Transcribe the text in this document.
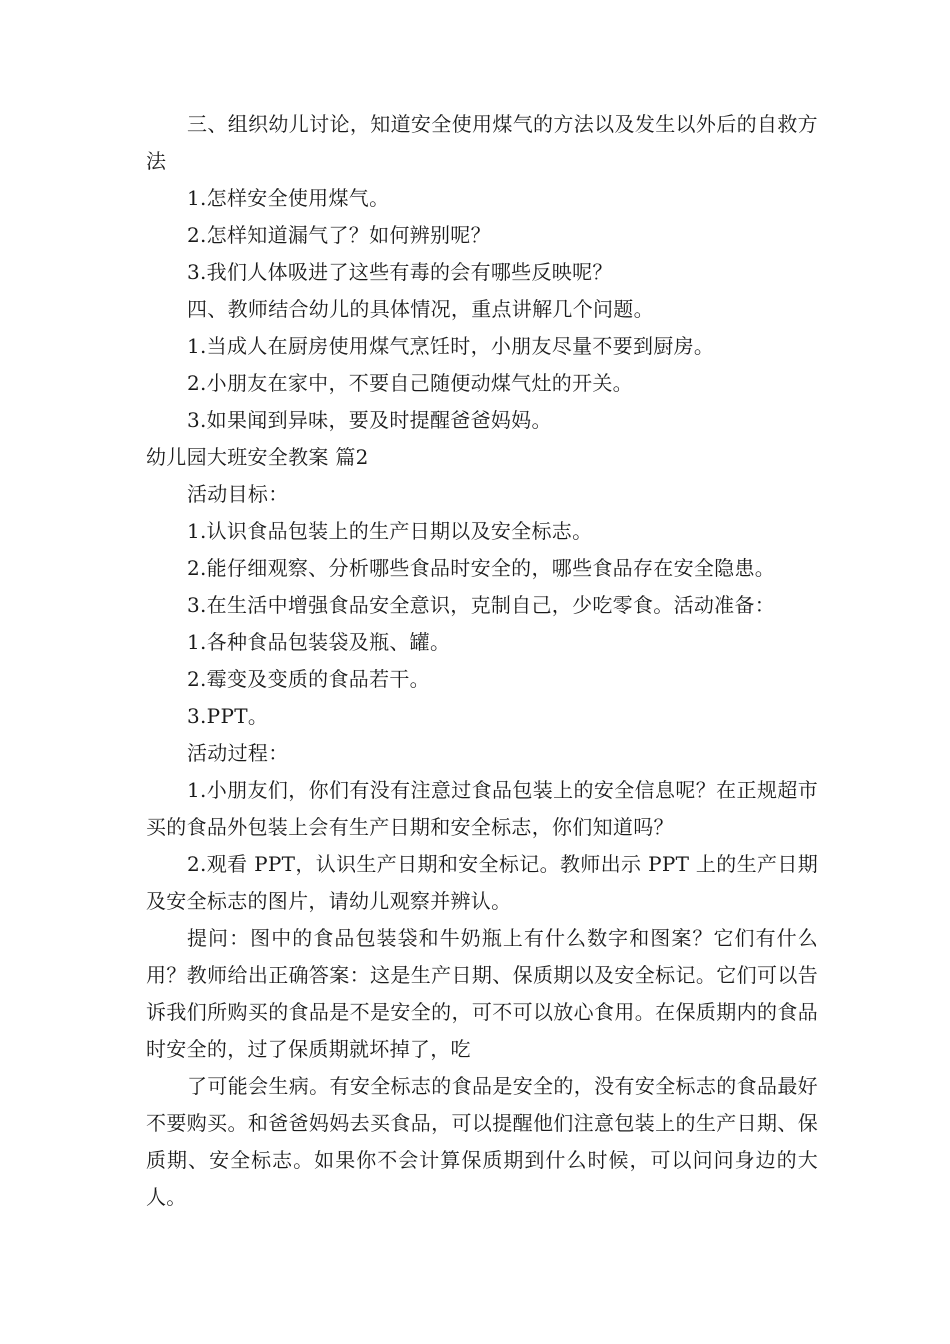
三、组织幼儿讨论，知道安全使用煤气的方法以及发生以外后的自救方法
1.怎样安全使用煤气。
2.怎样知道漏气了？如何辨别呢？
3.我们人体吸进了这些有毒的会有哪些反映呢？
四、教师结合幼儿的具体情况，重点讲解几个问题。
1.当成人在厨房使用煤气烹饪时，小朋友尽量不要到厨房。
2.小朋友在家中，不要自己随便动煤气灶的开关。
3.如果闻到异味，要及时提醒爸爸妈妈。
幼儿园大班安全教案 篇2
活动目标：
1.认识食品包装上的生产日期以及安全标志。
2.能仔细观察、分析哪些食品时安全的，哪些食品存在安全隐患。
3.在生活中增强食品安全意识，克制自己，少吃零食。活动准备：
1.各种食品包装袋及瓶、罐。
2.霉变及变质的食品若干。
3.PPT。
活动过程：
1.小朋友们，你们有没有注意过食品包装上的安全信息呢？在正规超市买的食品外包装上会有生产日期和安全标志，你们知道吗？
2.观看 PPT，认识生产日期和安全标记。教师出示 PPT 上的生产日期及安全标志的图片，请幼儿观察并辨认。
提问：图中的食品包装袋和牛奶瓶上有什么数字和图案？它们有什么用？教师给出正确答案：这是生产日期、保质期以及安全标记。它们可以告诉我们所购买的食品是不是安全的，可不可以放心食用。在保质期内的食品时安全的，过了保质期就坏掉了，吃
了可能会生病。有安全标志的食品是安全的，没有安全标志的食品最好不要购买。和爸爸妈妈去买食品，可以提醒他们注意包装上的生产日期、保质期、安全标志。如果你不会计算保质期到什么时候，可以问问身边的大人。
